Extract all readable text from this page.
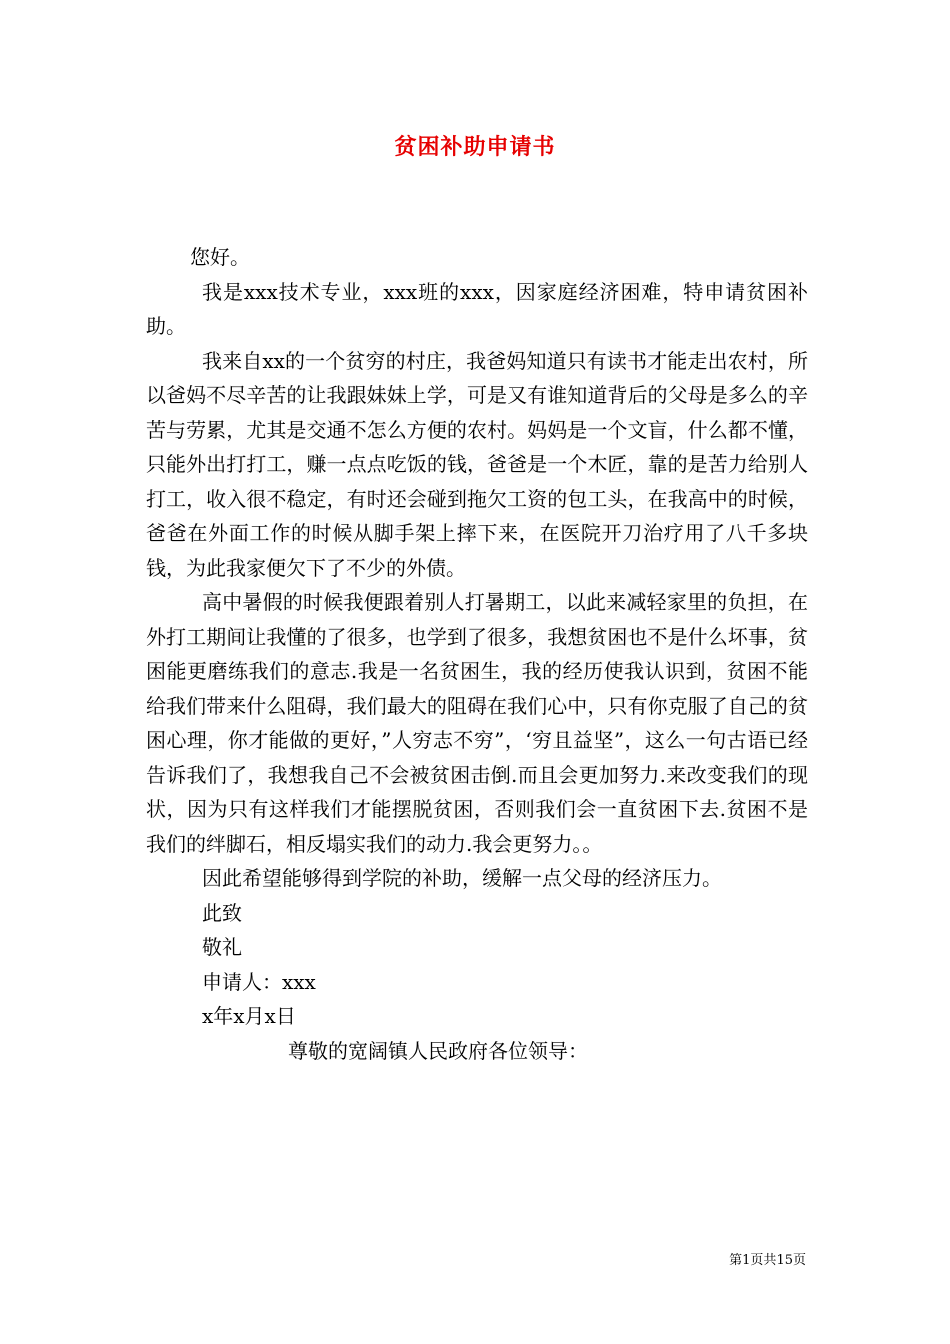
贫困补助申请书

您好。

我是xxx技术专业，xxx班的xxx，因家庭经济困难，特申请贫困补助。

我来自xx的一个贫穷的村庄，我爸妈知道只有读书才能走出农村，所以爸妈不尽辛苦的让我跟妹妹上学，可是又有谁知道背后的父母是多么的辛苦与劳累，尤其是交通不怎么方便的农村。妈妈是一个文盲，什么都不懂，只能外出打打工，赚一点点吃饭的钱，爸爸是一个木匠，靠的是苦力给别人打工，收入很不稳定，有时还会碰到拖欠工资的包工头，在我高中的时候，爸爸在外面工作的时候从脚手架上摔下来，在医院开刀治疗用了八千多块钱，为此我家便欠下了不少的外债。

高中暑假的时候我便跟着别人打暑期工，以此来减轻家里的负担，在外打工期间让我懂的了很多，也学到了很多，我想贫困也不是什么坏事，贫困能更磨练我们的意志.我是一名贫困生，我的经历使我认识到，贫困不能给我们带来什么阻碍，我们最大的阻碍在我们心中，只有你克服了自己的贫困心理，你才能做的更好，”人穷志不穷”，‘穷且益坚”，这么一句古语已经告诉我们了，我想我自己不会被贫困击倒.而且会更加努力.来改变我们的现状，因为只有这样我们才能摆脱贫困，否则我们会一直贫困下去.贫困不是我们的绊脚石，相反塌实我们的动力.我会更努力。。

因此希望能够得到学院的补助，缓解一点父母的经济压力。

此致

敬礼

申请人：xxx

x年x月x日

尊敬的宽阔镇人民政府各位领导：

第1页共15页
